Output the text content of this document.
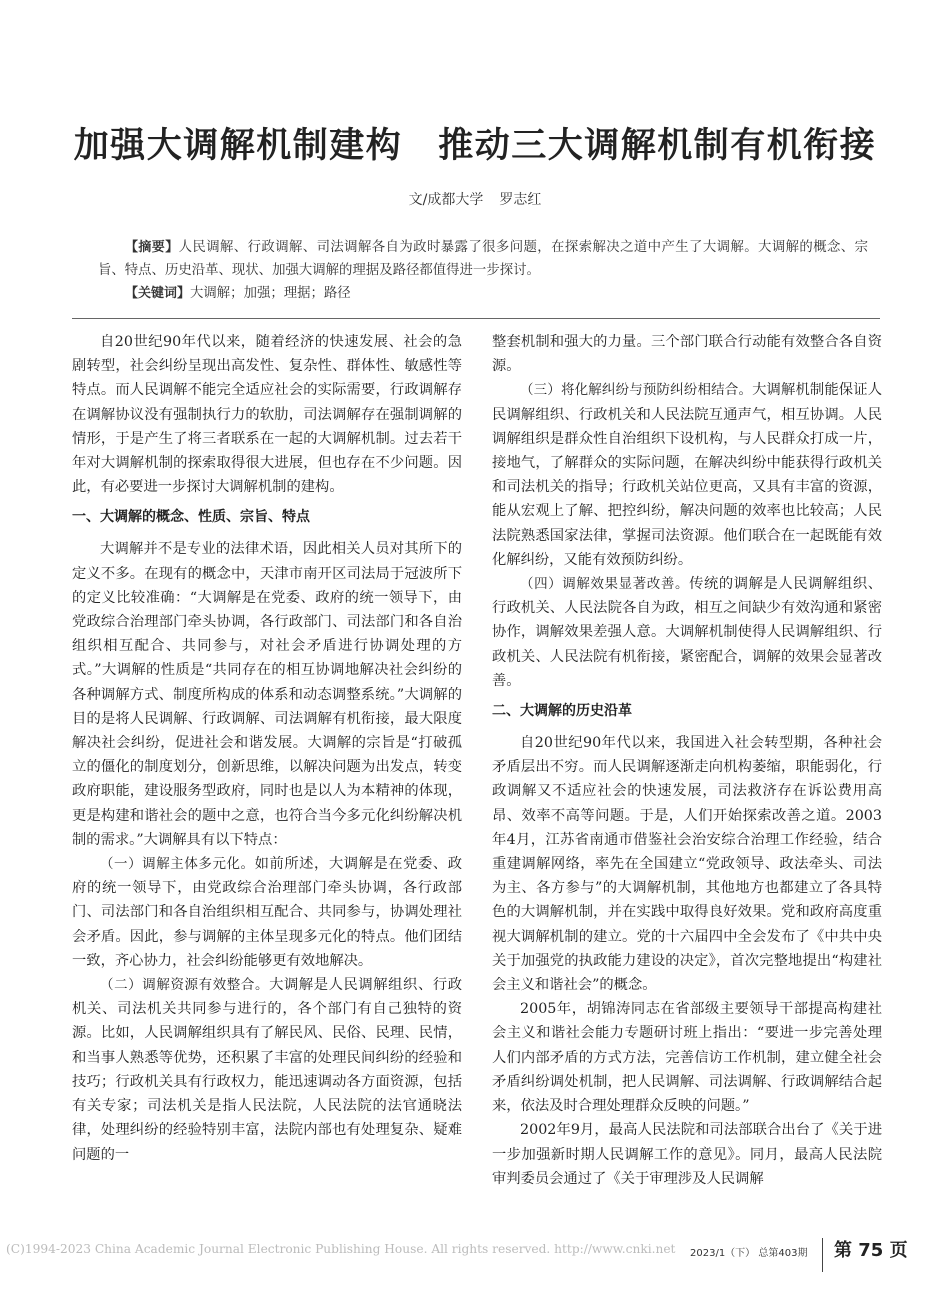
加强大调解机制建构 推动三大调解机制有机衔接
文/成都大学 罗志红

【摘要】人民调解、行政调解、司法调解各自为政时暴露了很多问题，在探索解决之道中产生了大调解。大调解的概念、宗旨、特点、历史沿革、现状、加强大调解的理据及路径都值得进一步探讨。

【关键词】大调解；加强；理据；路径

自20世纪90年代以来，随着经济的快速发展、社会的急剧转型，社会纠纷呈现出高发性、复杂性、群体性、敏感性等特点。而人民调解不能完全适应社会的实际需要，行政调解存在调解协议没有强制执行力的软肋，司法调解存在强制调解的情形，于是产生了将三者联系在一起的大调解机制。过去若干年对大调解机制的探索取得很大进展，但也存在不少问题。因此，有必要进一步探讨大调解机制的建构。

一、大调解的概念、性质、宗旨、特点

大调解并不是专业的法律术语，因此相关人员对其所下的定义不多。在现有的概念中，天津市南开区司法局于冠波所下的定义比较准确：“大调解是在党委、政府的统一领导下，由党政综合治理部门牵头协调，各行政部门、司法部门和各自治组织相互配合、共同参与，对社会矛盾进行协调处理的方式。”大调解的性质是“共同存在的相互协调地解决社会纠纷的各种调解方式、制度所构成的体系和动态调整系统。”大调解的目的是将人民调解、行政调解、司法调解有机衔接，最大限度解决社会纠纷，促进社会和谐发展。大调解的宗旨是“打破孤立的僵化的制度划分，创新思维，以解决问题为出发点，转变政府职能，建设服务型政府，同时也是以人为本精神的体现，更是构建和谐社会的题中之意，也符合当今多元化纠纷解决机制的需求。”大调解具有以下特点：

（一）调解主体多元化。如前所述，大调解是在党委、政府的统一领导下，由党政综合治理部门牵头协调，各行政部门、司法部门和各自治组织相互配合、共同参与，协调处理社会矛盾。因此，参与调解的主体呈现多元化的特点。他们团结一致，齐心协力，社会纠纷能够更有效地解决。

（二）调解资源有效整合。大调解是人民调解组织、行政机关、司法机关共同参与进行的，各个部门有自己独特的资源。比如，人民调解组织具有了解民风、民俗、民理、民情，和当事人熟悉等优势，还积累了丰富的处理民间纠纷的经验和技巧；行政机关具有行政权力，能迅速调动各方面资源，包括有关专家；司法机关是指人民法院，人民法院的法官通晓法律，处理纠纷的经验特别丰富，法院内部也有处理复杂、疑难问题的一

整套机制和强大的力量。三个部门联合行动能有效整合各自资源。

（三）将化解纠纷与预防纠纷相结合。大调解机制能保证人民调解组织、行政机关和人民法院互通声气，相互协调。人民调解组织是群众性自治组织下设机构，与人民群众打成一片，接地气，了解群众的实际问题，在解决纠纷中能获得行政机关和司法机关的指导；行政机关站位更高，又具有丰富的资源，能从宏观上了解、把控纠纷，解决问题的效率也比较高；人民法院熟悉国家法律，掌握司法资源。他们联合在一起既能有效化解纠纷，又能有效预防纠纷。

（四）调解效果显著改善。传统的调解是人民调解组织、行政机关、人民法院各自为政，相互之间缺少有效沟通和紧密协作，调解效果差强人意。大调解机制使得人民调解组织、行政机关、人民法院有机衔接，紧密配合，调解的效果会显著改善。

二、大调解的历史沿革

自20世纪90年代以来，我国进入社会转型期，各种社会矛盾层出不穷。而人民调解逐渐走向机构萎缩，职能弱化，行政调解又不适应社会的快速发展，司法救济存在诉讼费用高昂、效率不高等问题。于是，人们开始探索改善之道。2003年4月，江苏省南通市借鉴社会治安综合治理工作经验，结合重建调解网络，率先在全国建立“党政领导、政法牵头、司法为主、各方参与”的大调解机制，其他地方也都建立了各具特色的大调解机制，并在实践中取得良好效果。党和政府高度重视大调解机制的建立。党的十六届四中全会发布了《中共中央关于加强党的执政能力建设的决定》，首次完整地提出“构建社会主义和谐社会”的概念。

2005年，胡锦涛同志在省部级主要领导干部提高构建社会主义和谐社会能力专题研讨班上指出：“要进一步完善处理人们内部矛盾的方式方法，完善信访工作机制，建立健全社会矛盾纠纷调处机制，把人民调解、司法调解、行政调解结合起来，依法及时合理处理群众反映的问题。”

2002年9月，最高人民法院和司法部联合出台了《关于进一步加强新时期人民调解工作的意见》。同月，最高人民法院审判委员会通过了《关于审理涉及人民调解

(C)1994-2023 China Academic Journal Electronic Publishing House. All rights reserved. http://www.cnki.net 2023/1（下） 总第403期 第 75 页
